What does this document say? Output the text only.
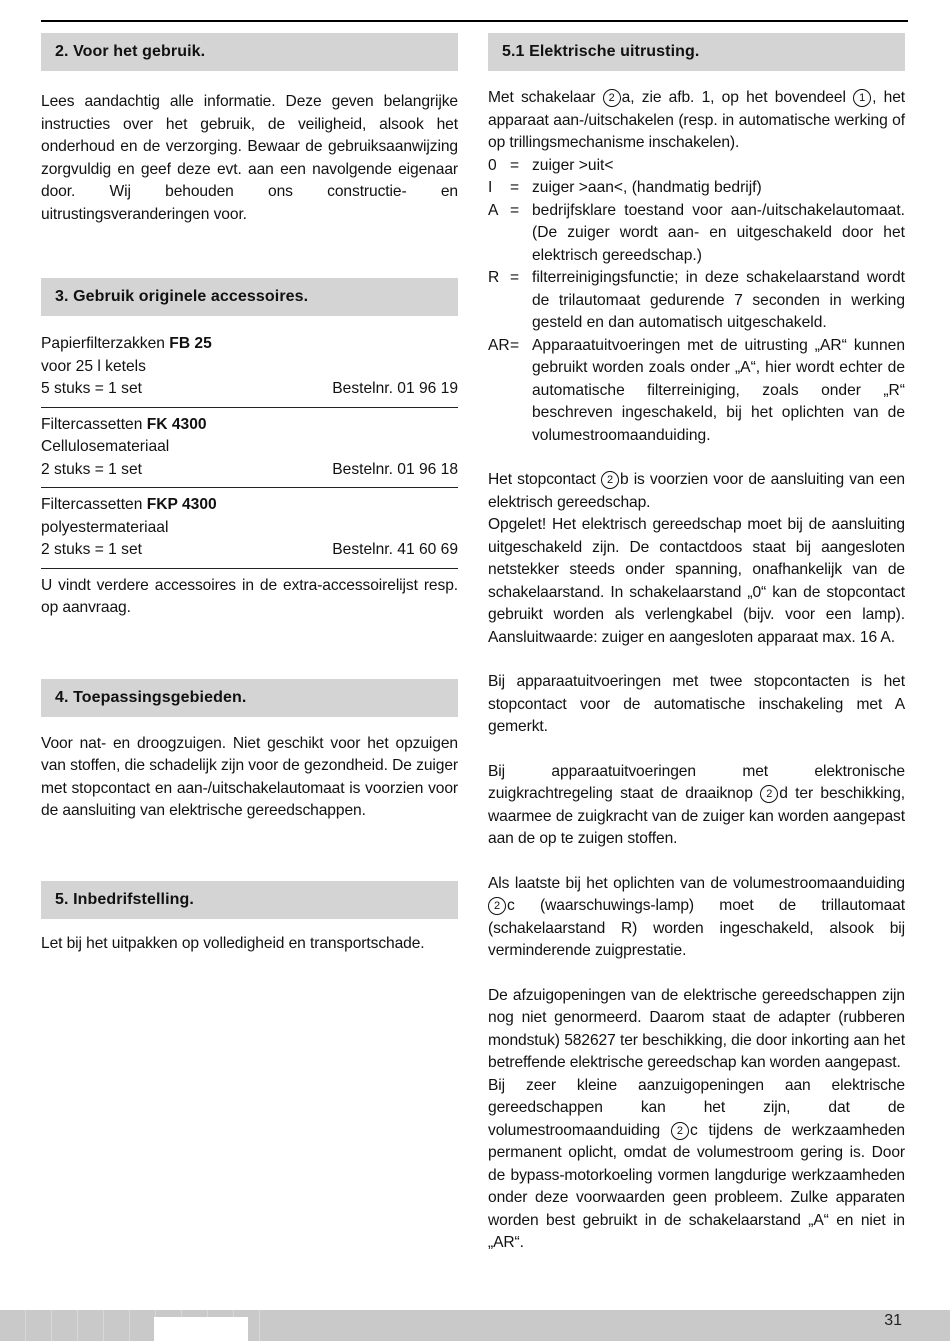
2. Voor het gebruik.

Lees aandachtig alle informatie. Deze geven belangrijke instructies over het gebruik, de veiligheid, alsook het onderhoud en de verzorging. Bewaar de gebruiksaanwijzing zorgvuldig en geef deze evt. aan een navolgende eigenaar door. Wij behouden ons constructie- en uitrustingsveranderingen voor.

3. Gebruik originele accessoires.
Papierfilterzakken FB 25
voor 25 l ketels
5 stuks = 1 set	Bestelnr. 01 96 19
Filtercassetten FK 4300
Cellulosemateriaal
2 stuks = 1 set	Bestelnr. 01 96 18
Filtercassetten FKP 4300
polyestermateriaal
2 stuks = 1 set	Bestelnr. 41 60 69

U vindt verdere accessoires in de extra-accessoirelijst resp. op aanvraag.

4. Toepassingsgebieden.

Voor nat- en droogzuigen. Niet geschikt voor het opzuigen van stoffen, die schadelijk zijn voor de gezondheid. De zuiger met stopcontact en aan-/uitschakelautomaat is voorzien voor de aansluiting van elektrische gereedschappen.

5. Inbedrifstelling.

Let bij het uitpakken op volledigheid en transportschade.

5.1 Elektrische uitrusting.

Met schakelaar 2 a, zie afb. 1, op het bovendeel 1 , het apparaat aan-/uitschakelen (resp. in automatische werking of op trillingsmechanisme inschakelen).

0 = zuiger >uit<
I	= zuiger >aan<, (handmatig bedrijf)
A = bedrijfsklare toestand voor aan-/uitschakelautomaat. (De zuiger wordt aan- en uitgeschakeld door het elektrisch gereedschap.)
R = filterreinigingsfunctie; in deze schakelaarstand wordt de trilautomaat gedurende 7 seconden in werking gesteld en dan automatisch uitgeschakeld.
AR = Apparaatuitvoeringen met de uitrusting „AR“ kunnen gebruikt worden zoals onder „A“, hier wordt echter de automatische filterreiniging, zoals onder „R“ beschreven ingeschakeld, bij het oplichten van de volumestroomaanduiding.

Het stopcontact 2 b is voorzien voor de aansluiting van een elektrisch gereedschap.

Opgelet! Het elektrisch gereedschap moet bij de aansluiting uitgeschakeld zijn. De contactdoos staat bij aangesloten netstekker steeds onder spanning, onafhankelijk van de schakelaarstand. In schakelaarstand „0“ kan de stopcontact gebruikt worden als verlengkabel (bijv. voor een lamp). Aansluitwaarde: zuiger en aangesloten apparaat max. 16 A.

Bij apparaatuitvoeringen met twee stopcontacten is het stopcontact voor de automatische inschakeling met A gemerkt.

Bij apparaatuitvoeringen met elektronische zuigkrachtregeling staat de draaiknop 2 d ter beschikking, waarmee de zuigkracht van de zuiger kan worden aangepast aan de op te zuigen stoffen.

Als laatste bij het oplichten van de volumestroomaanduiding 2 c (waarschuwings-lamp) moet de trillautomaat (schakelaarstand R) worden ingeschakeld, alsook bij verminderende zuigprestatie.

De afzuigopeningen van de elektrische gereedschappen zijn nog niet genormeerd. Daarom staat de adapter (rubberen mondstuk) 582627 ter beschikking, die door inkorting aan het betreffende elektrische gereedschap kan worden aangepast.

Bij zeer kleine aanzuigopeningen aan elektrische gereedschappen kan het zijn, dat de volumestroomaanduiding 2 c tijdens de werkzaamheden permanent oplicht, omdat de volumestroom gering is. Door de bypass-motorkoeling vormen langdurige werkzaamheden onder deze voorwaarden geen probleem. Zulke apparaten worden best gebruikt in de schakelaarstand „A“ en niet in „AR“.

31
